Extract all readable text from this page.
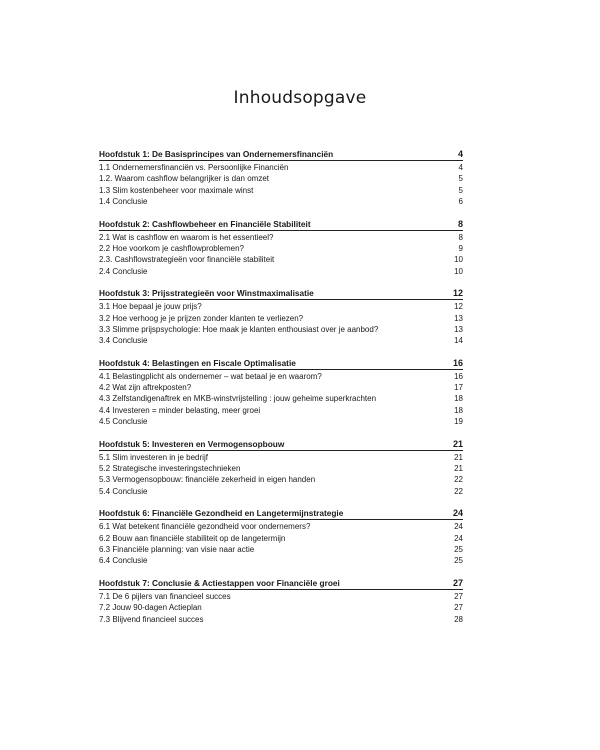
Inhoudsopgave
Hoofdstuk 1: De Basisprincipes van Ondernemersfinanciën	4
1.1 Ondernemersfinanciën vs. Persoonlijke Financiën	4
1.2. Waarom cashflow belangrijker is dan omzet	5
1.3 Slim kostenbeheer voor maximale winst	5
1.4 Conclusie	6
Hoofdstuk 2: Cashflowbeheer en Financiële Stabiliteit	8
2.1 Wat is cashflow en waarom is het essentieel?	8
2.2 Hoe voorkom je cashflowproblemen?	9
2.3. Cashflowstrategieën voor financiële stabiliteit	10
2.4 Conclusie	10
Hoofdstuk 3: Prijsstrategieën voor Winstmaximalisatie	12
3.1 Hoe bepaal je jouw prijs?	12
3.2 Hoe verhoog je je prijzen zonder klanten te verliezen?	13
3.3 Slimme prijspsychologie: Hoe maak je klanten enthousiast over je aanbod?	13
3.4 Conclusie	14
Hoofdstuk 4: Belastingen en Fiscale Optimalisatie	16
4.1 Belastingplicht als ondernemer – wat betaal je en waarom?	16
4.2 Wat zijn aftrekposten?	17
4.3 Zelfstandigenaftrek en MKB-winstvrijstelling : jouw geheime superkrachten	18
4.4 Investeren = minder belasting, meer groei	18
4.5 Conclusie	19
Hoofdstuk 5: Investeren en Vermogensopbouw	21
5.1 Slim investeren in je bedrijf	21
5.2 Strategische investeringstechnieken	21
5.3 Vermogensopbouw: financiële zekerheid in eigen handen	22
5.4 Conclusie	22
Hoofdstuk 6: Financiële Gezondheid en Langetermijnstrategie	24
6.1 Wat betekent financiële gezondheid voor ondernemers?	24
6.2 Bouw aan financiële stabiliteit op de langetermijn	24
6.3 Financiële planning: van visie naar actie	25
6.4 Conclusie	25
Hoofdstuk 7: Conclusie & Actiestappen voor Financiële groei	27
7.1 De 6 pijlers van financieel succes	27
7.2 Jouw 90-dagen Actieplan	27
7.3 Blijvend financieel succes	28
